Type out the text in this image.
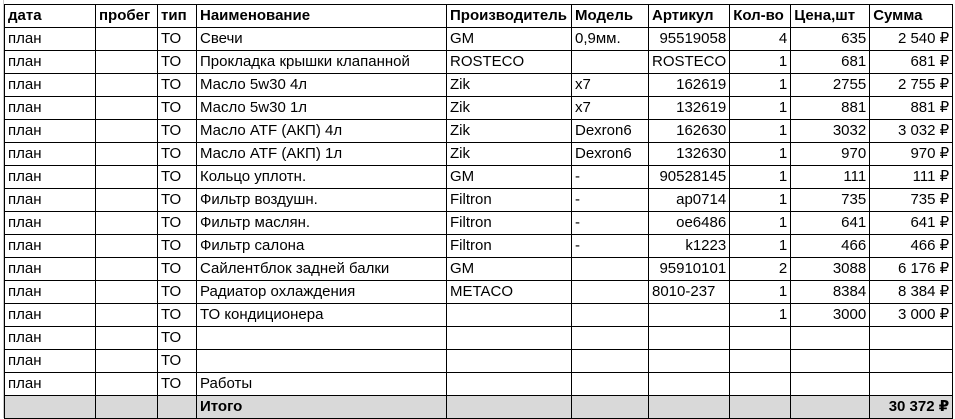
дата	пробег	тип	Наименование	Производитель	Модель	Артикул	Кол-во	Цена,шт	Сумма
план		ТО	Свечи	GM	0,9мм.	95519058	4	635	2 540 ₽
план		ТО	Прокладка крышки клапанной	ROSTECO		ROSTECO	1	681	681 ₽
план		ТО	Масло 5w30 4л	Zik	x7	162619	1	2755	2 755 ₽
план		ТО	Масло 5w30 1л	Zik	x7	132619	1	881	881 ₽
план		ТО	Масло ATF (АКП) 4л	Zik	Dexron6	162630	1	3032	3 032 ₽
план		ТО	Масло ATF (АКП) 1л	Zik	Dexron6	132630	1	970	970 ₽
план		ТО	Кольцо уплотн.	GM	-	90528145	1	111	111 ₽
план		ТО	Фильтр воздушн.	Filtron	-	ap0714	1	735	735 ₽
план		ТО	Фильтр маслян.	Filtron	-	oe6486	1	641	641 ₽
план		ТО	Фильтр салона	Filtron	-	k1223	1	466	466 ₽
план		ТО	Сайлентблок задней балки	GM		95910101	2	3088	6 176 ₽
план		ТО	Радиатор охлаждения	METACO		8010-237	1	8384	8 384 ₽
план		ТО	ТО кондиционера				1	3000	3 000 ₽
план		ТО							
план		ТО							
план		ТО	Работы						
			Итого						30 372 ₽
